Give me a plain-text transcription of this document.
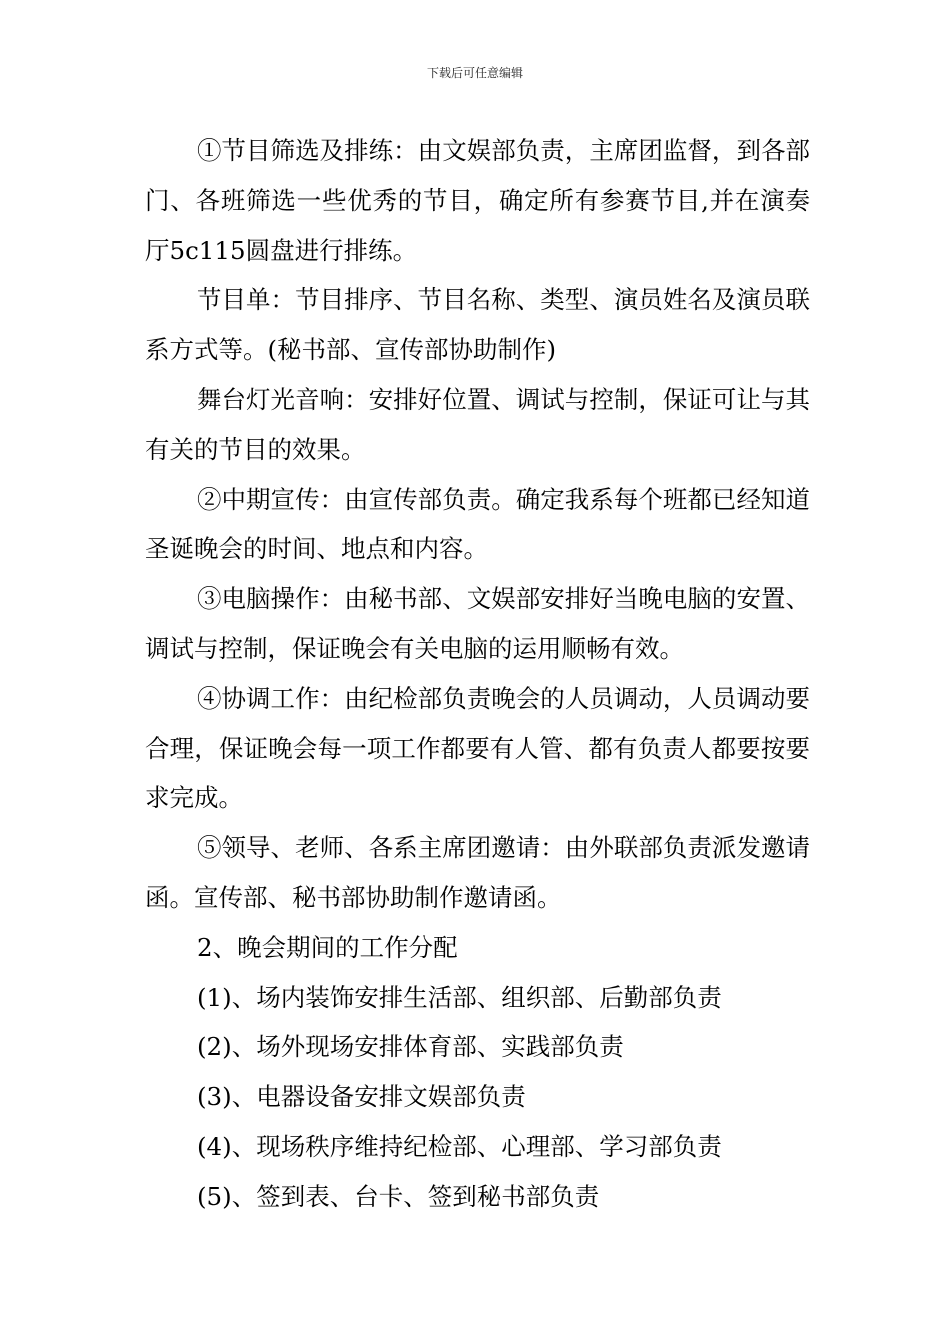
下载后可任意编辑

①节目筛选及排练：由文娱部负责，主席团监督，到各部门、各班筛选一些优秀的节目，确定所有参赛节目,并在演奏厅5c115圆盘进行排练。

节目单：节目排序、节目名称、类型、演员姓名及演员联系方式等。(秘书部、宣传部协助制作)

舞台灯光音响：安排好位置、调试与控制，保证可让与其有关的节目的效果。

②中期宣传：由宣传部负责。确定我系每个班都已经知道圣诞晚会的时间、地点和内容。

③电脑操作：由秘书部、文娱部安排好当晚电脑的安置、调试与控制，保证晚会有关电脑的运用顺畅有效。

④协调工作：由纪检部负责晚会的人员调动，人员调动要合理，保证晚会每一项工作都要有人管、都有负责人都要按要求完成。

⑤领导、老师、各系主席团邀请：由外联部负责派发邀请函。宣传部、秘书部协助制作邀请函。

2、晚会期间的工作分配

(1)、场内装饰安排生活部、组织部、后勤部负责

(2)、场外现场安排体育部、实践部负责

(3)、电器设备安排文娱部负责

(4)、现场秩序维持纪检部、心理部、学习部负责

(5)、签到表、台卡、签到秘书部负责
